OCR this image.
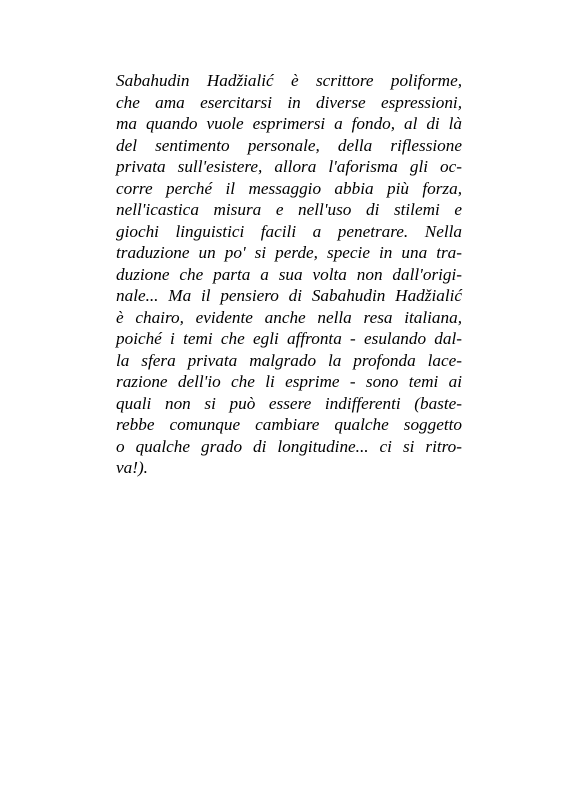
Sabahudin Hadžialić è scrittore poliforme,
che ama esercitarsi in diverse espressioni,
ma quando vuole esprimersi a fondo, al di là
del sentimento personale, della riflessione
privata sull'esistere, allora l'aforisma gli oc-
corre perché il messaggio abbia più forza,
nell'icastica misura e nell'uso di stilemi e
giochi linguistici facili a penetrare. Nella
traduzione un po' si perde, specie in una tra-
duzione che parta a sua volta non dall'origi-
nale... Ma il pensiero di Sabahudin Hadžialić
è chairo, evidente anche nella resa italiana,
poiché i temi che egli affronta - esulando dal-
la sfera privata malgrado la profonda lace-
razione dell'io che li esprime - sono temi ai
quali non si può essere indifferenti (baste-
rebbe comunque cambiare qualche soggetto
o qualche grado di longitudine... ci si ritro-
va!).
